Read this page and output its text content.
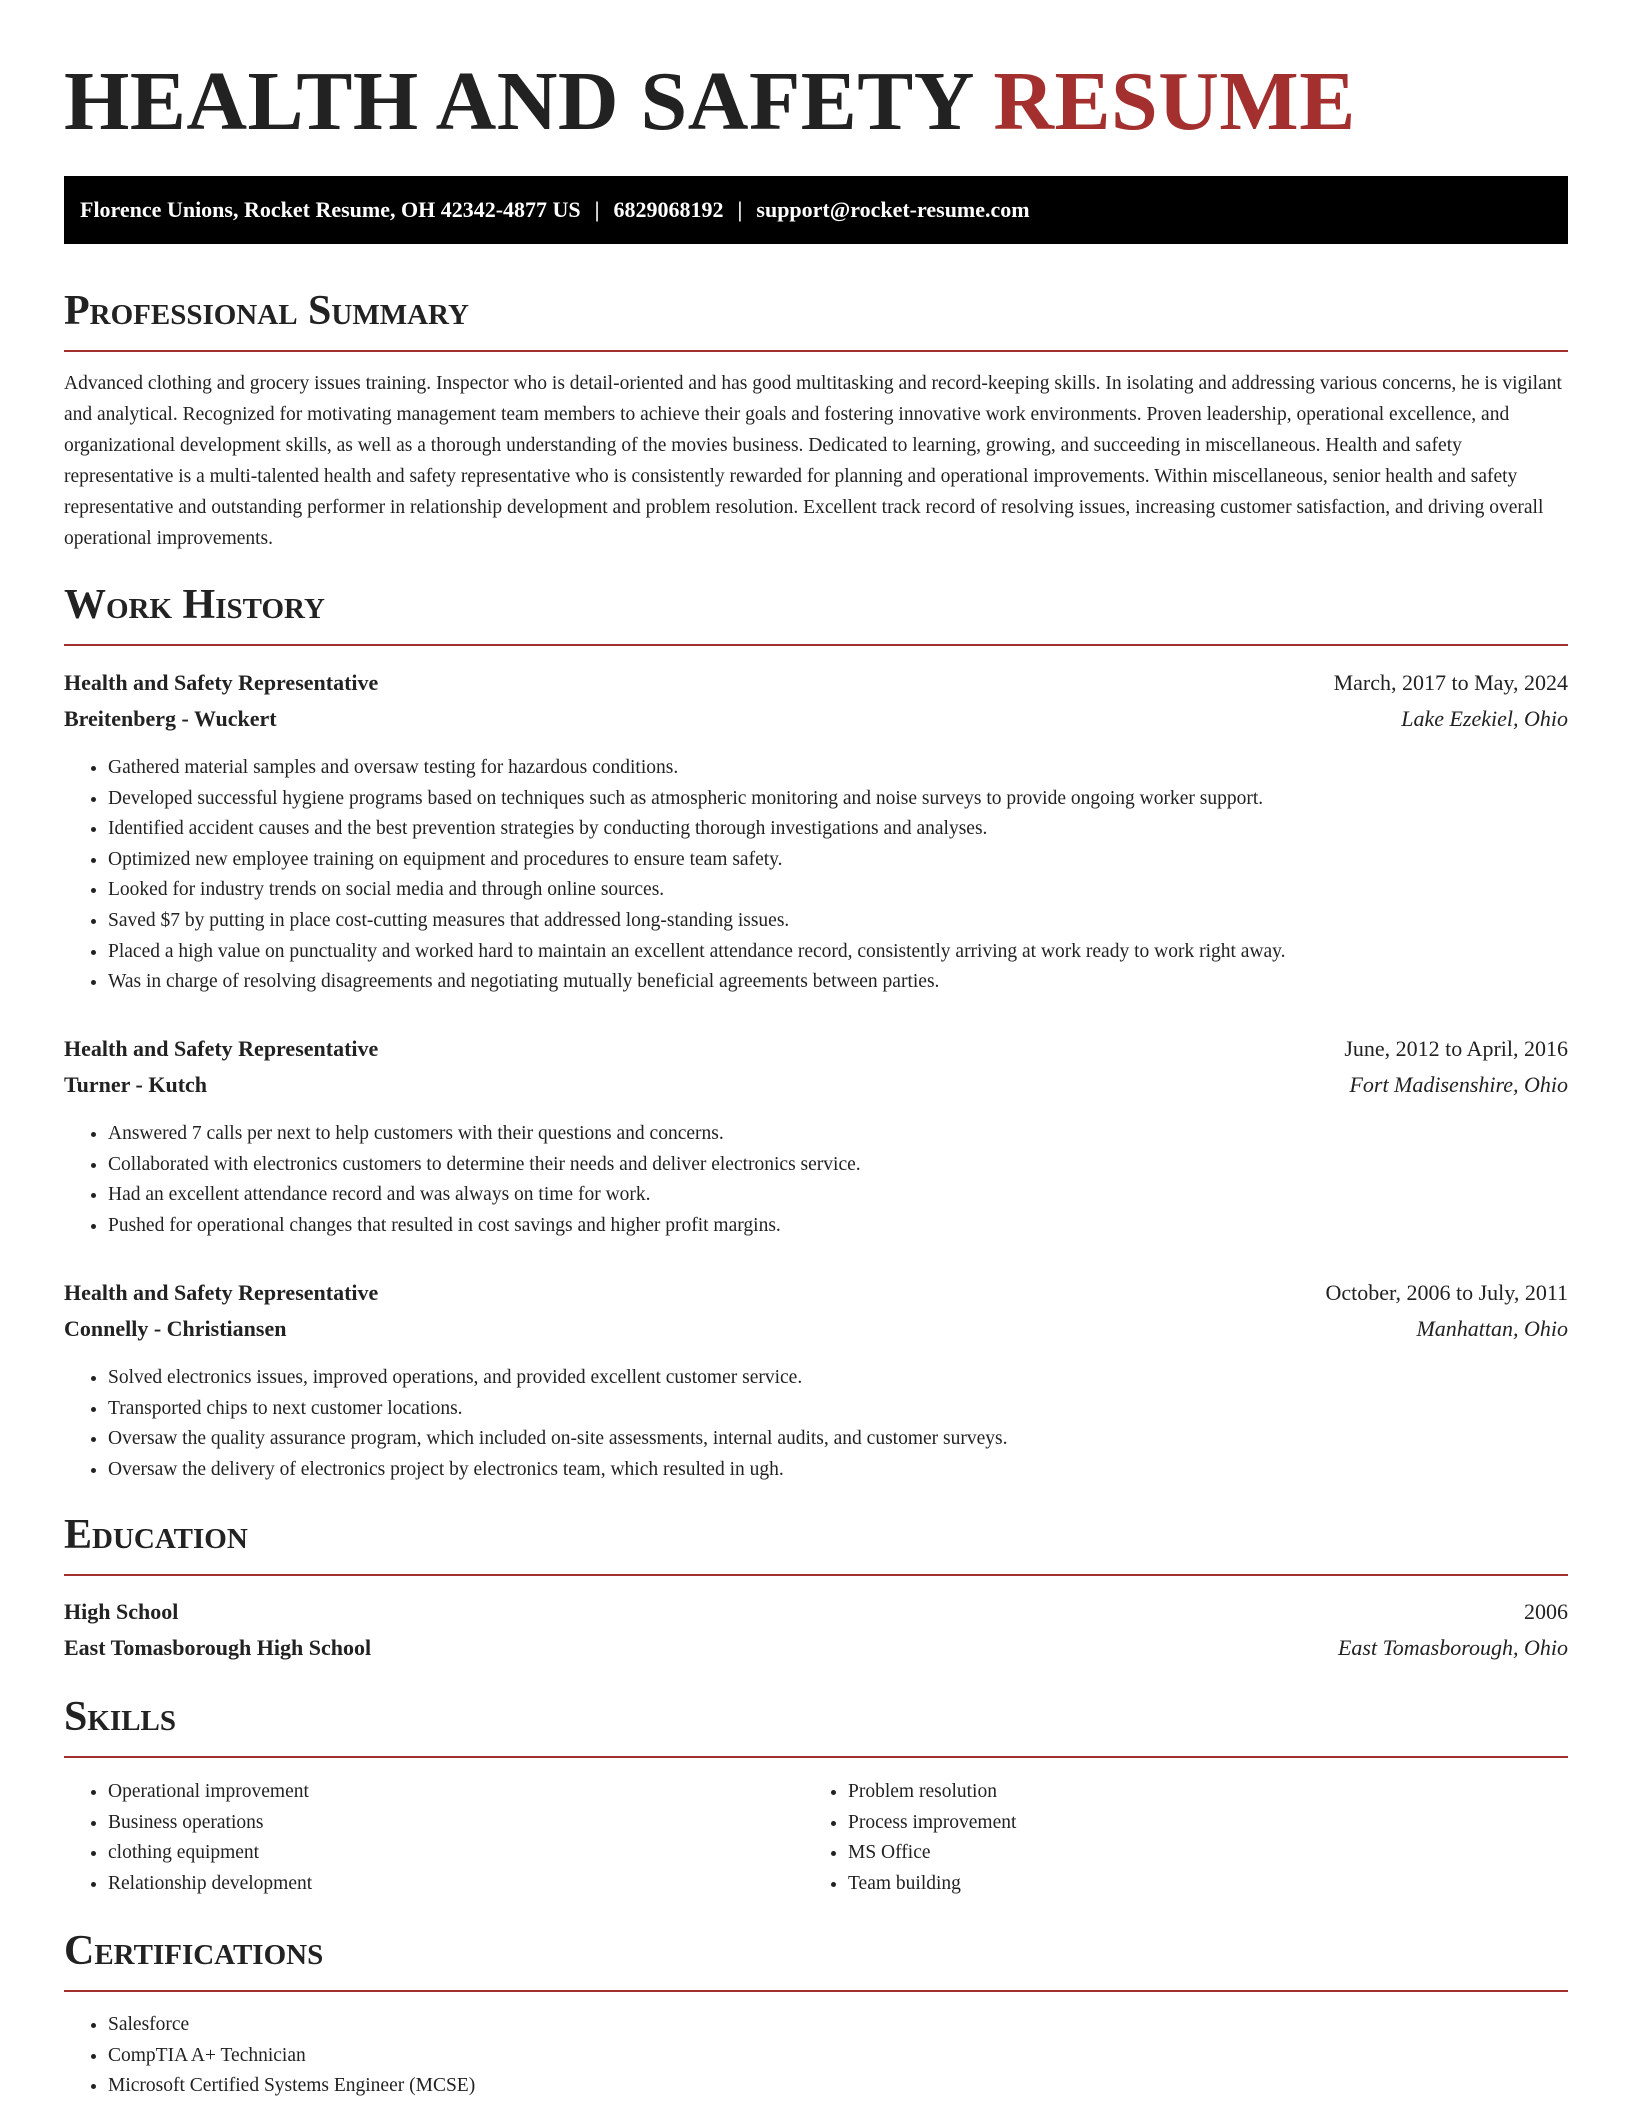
HEALTH AND SAFETY RESUME
Florence Unions, Rocket Resume, OH 42342-4877 US | 6829068192 | support@rocket-resume.com
Professional Summary

Advanced clothing and grocery issues training. Inspector who is detail-oriented and has good multitasking and record-keeping skills. In isolating and addressing various concerns, he is vigilant and analytical. Recognized for motivating management team members to achieve their goals and fostering innovative work environments. Proven leadership, operational excellence, and organizational development skills, as well as a thorough understanding of the movies business. Dedicated to learning, growing, and succeeding in miscellaneous. Health and safety representative is a multi-talented health and safety representative who is consistently rewarded for planning and operational improvements. Within miscellaneous, senior health and safety representative and outstanding performer in relationship development and problem resolution. Excellent track record of resolving issues, increasing customer satisfaction, and driving overall operational improvements.

Work History
Health and Safety Representative	March, 2017 to May, 2024
Breitenberg - Wuckert	Lake Ezekiel, Ohio
• Gathered material samples and oversaw testing for hazardous conditions.
• Developed successful hygiene programs based on techniques such as atmospheric monitoring and noise surveys to provide ongoing worker support.
• Identified accident causes and the best prevention strategies by conducting thorough investigations and analyses.
• Optimized new employee training on equipment and procedures to ensure team safety.
• Looked for industry trends on social media and through online sources.
• Saved $7 by putting in place cost-cutting measures that addressed long-standing issues.
• Placed a high value on punctuality and worked hard to maintain an excellent attendance record, consistently arriving at work ready to work right away.
• Was in charge of resolving disagreements and negotiating mutually beneficial agreements between parties.
Health and Safety Representative	June, 2012 to April, 2016
Turner - Kutch	Fort Madisenshire, Ohio
• Answered 7 calls per next to help customers with their questions and concerns.
• Collaborated with electronics customers to determine their needs and deliver electronics service.
• Had an excellent attendance record and was always on time for work.
• Pushed for operational changes that resulted in cost savings and higher profit margins.
Health and Safety Representative	October, 2006 to July, 2011
Connelly - Christiansen	Manhattan, Ohio
• Solved electronics issues, improved operations, and provided excellent customer service.
• Transported chips to next customer locations.
• Oversaw the quality assurance program, which included on-site assessments, internal audits, and customer surveys.
• Oversaw the delivery of electronics project by electronics team, which resulted in ugh.
Education
High School	2006
East Tomasborough High School	East Tomasborough, Ohio
Skills
• Operational improvement
• Business operations
• clothing equipment
• Relationship development
• Problem resolution
• Process improvement
• MS Office
• Team building
Certifications
• Salesforce
• CompTIA A+ Technician
• Microsoft Certified Systems Engineer (MCSE)
